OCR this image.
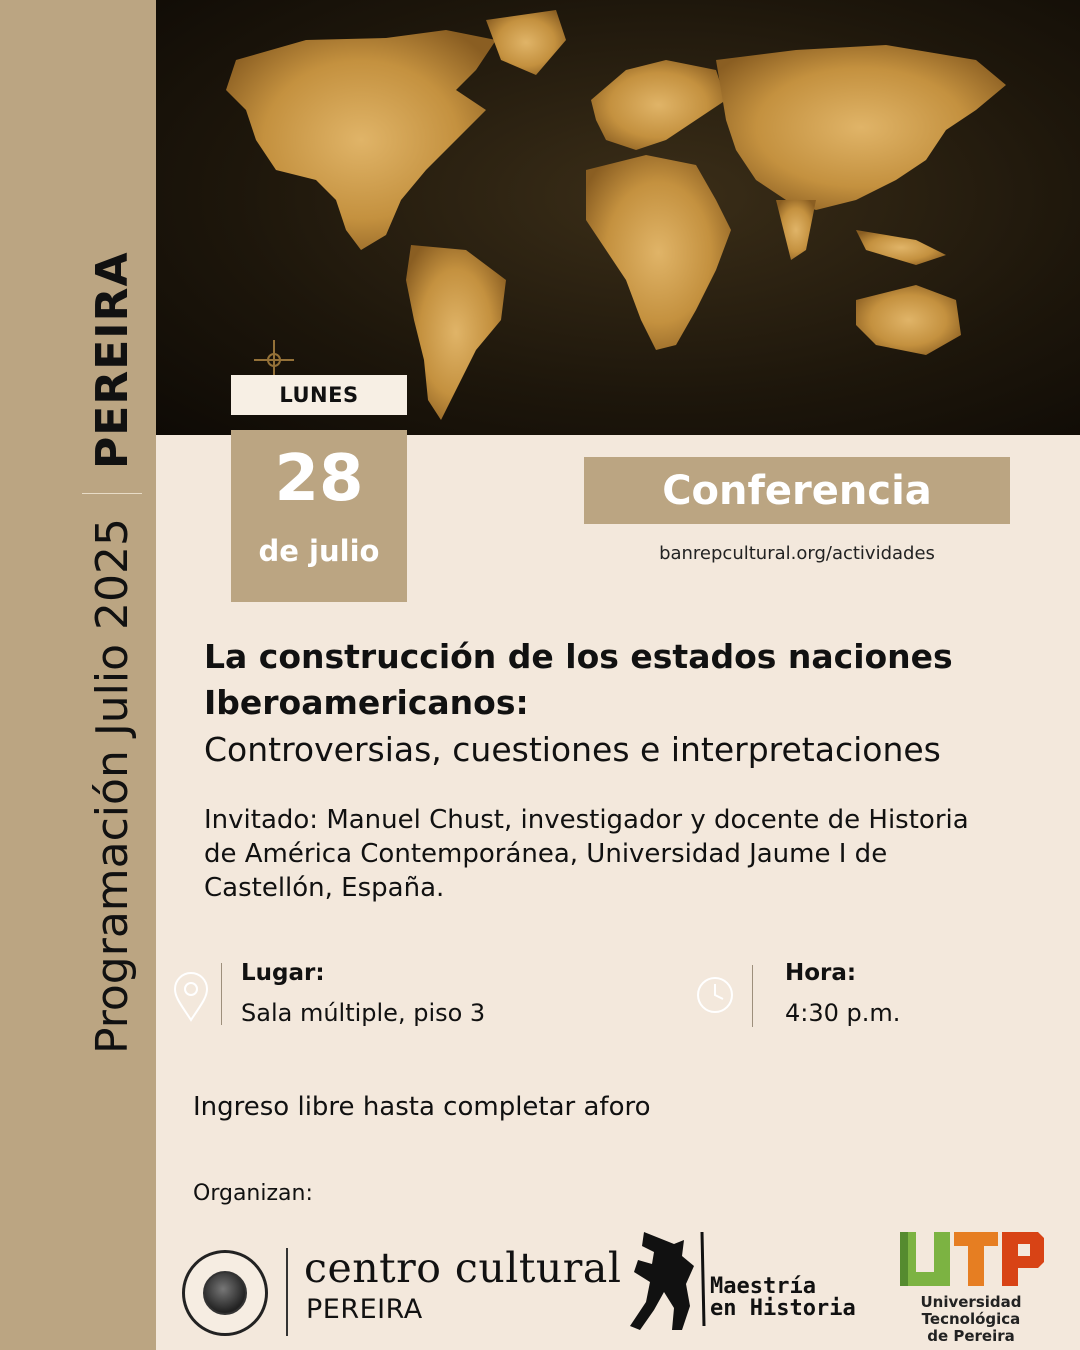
Programación Julio 2025
PEREIRA	LUNES
28
de julio
Conferencia
banrepcultural.org/actividades
La construcción de los estados naciones
Iberoamericanos:
Controversias, cuestiones e interpretaciones
Invitado: Manuel Chust, investigador y docente de Historia de América Contemporánea, Universidad Jaume I de Castellón, España.
Lugar:
Sala múltiple, piso 3
Hora:
4:30 p.m.
Ingreso libre hasta completar aforo
Organizan:
centro cultural
PEREIRA
Maestría
en Historia	Universidad Tecnológica
de Pereira
